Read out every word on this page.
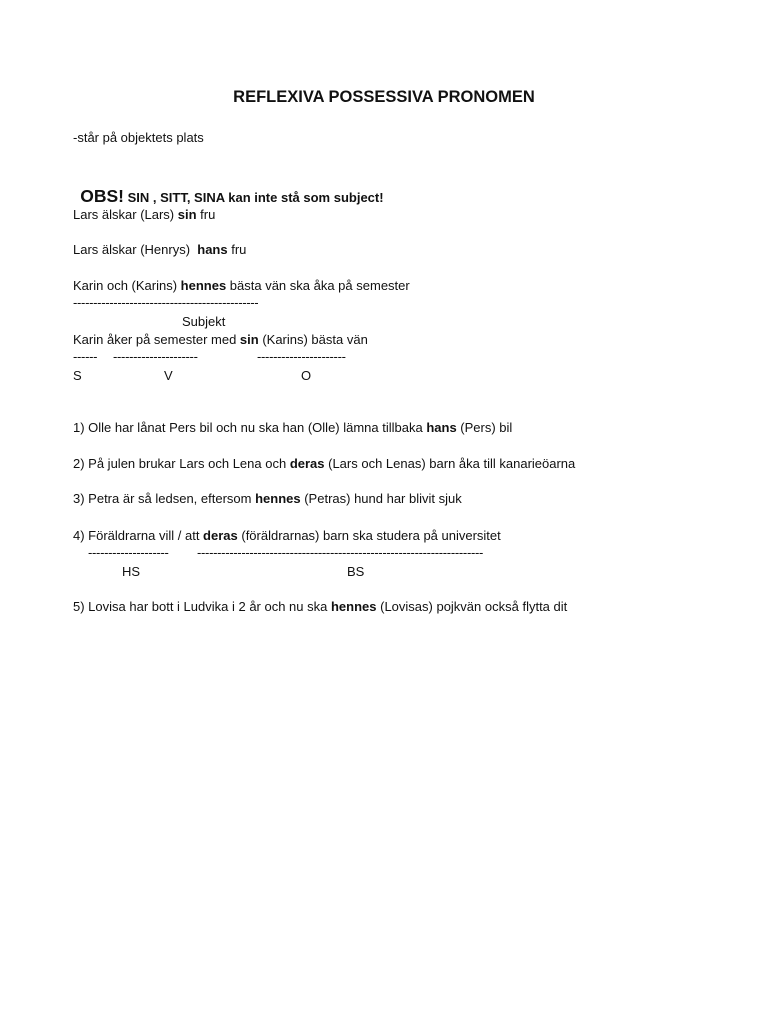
REFLEXIVA POSSESSIVA PRONOMEN
-står på objektets plats

OBS! SIN , SITT, SINA kan inte stå som subject!

Lars älskar (Lars) sin fru
Lars älskar (Henrys)  hans fru
Karin och (Karins) hennes bästa vän ska åka på semester
----------------------------------------------
Subjekt
Karin åker på semester med sin (Karins) bästa vän
------ ---------------------	----------------------
S	V	O
1) Olle har lånat Pers bil och nu ska han (Olle) lämna tillbaka hans (Pers) bil
2) På julen brukar Lars och Lena och deras (Lars och Lenas) barn åka till kanarieöarna
3) Petra är så ledsen, eftersom hennes (Petras) hund har blivit sjuk
4) Föräldrarna vill / att deras (föräldrarnas) barn ska studera på universitet
-------------------- -----------------------------------------------------------------------
HS	BS
5) Lovisa har bott i Ludvika i 2 år och nu ska hennes (Lovisas) pojkvän också flytta dit
